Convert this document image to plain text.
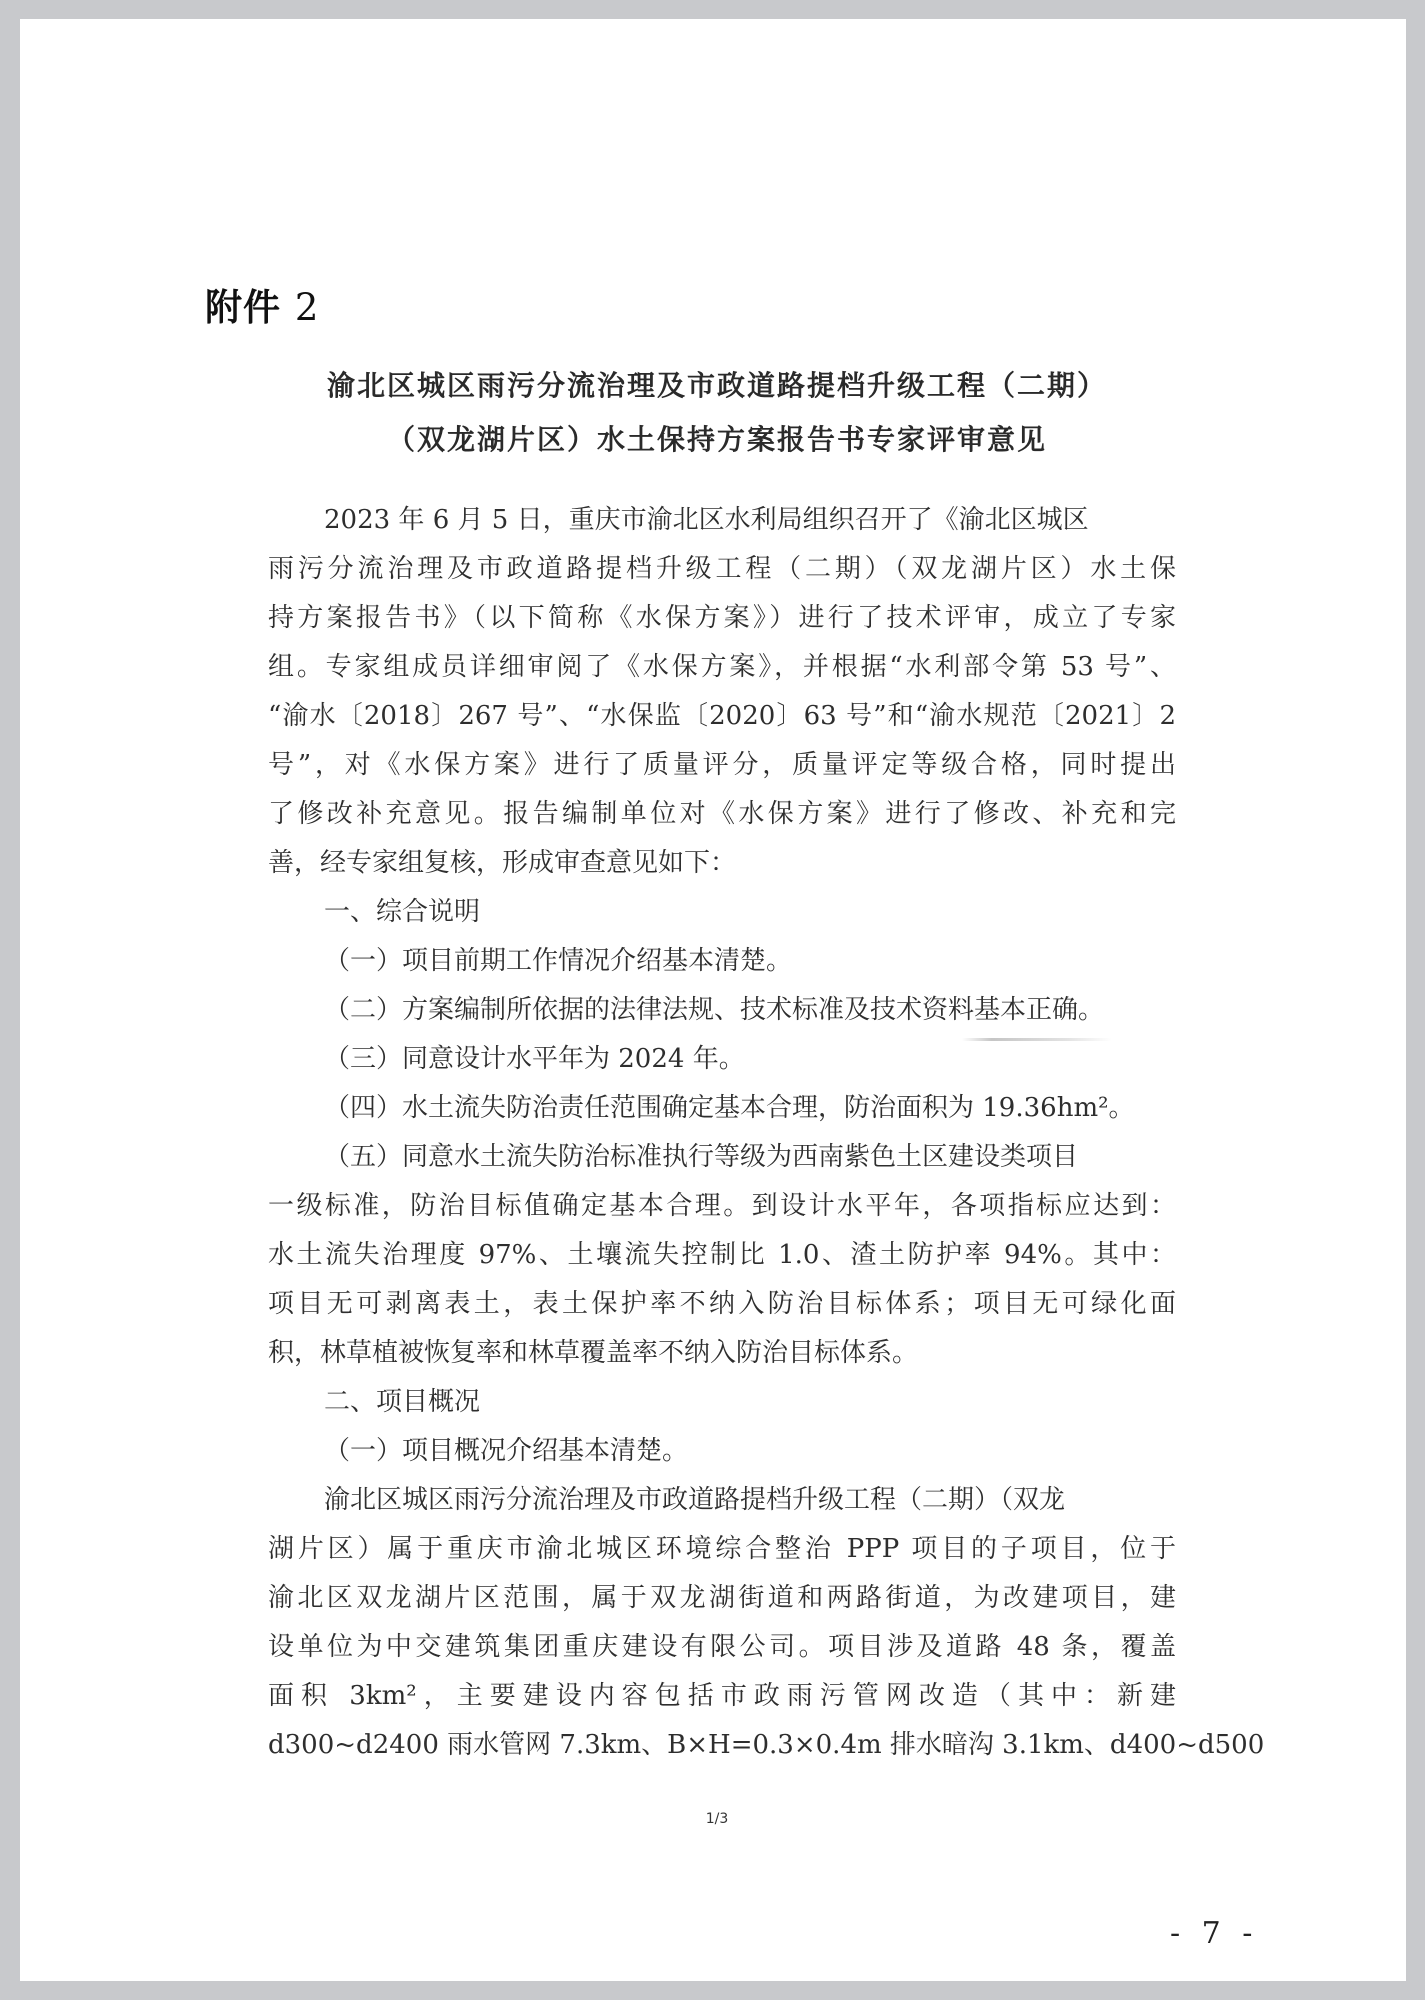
附件 2
渝北区城区雨污分流治理及市政道路提档升级工程（二期）
（双龙湖片区）水土保持方案报告书专家评审意见
2023 年 6 月 5 日，重庆市渝北区水利局组织召开了《渝北区城区
雨污分流治理及市政道路提档升级工程（二期）（双龙湖片区）水土保
持方案报告书》（以下简称《水保方案》）进行了技术评审，成立了专家
组。专家组成员详细审阅了《水保方案》，并根据“水利部令第 53 号”、
“渝水〔2018〕267 号”、“水保监〔2020〕63 号”和“渝水规范〔2021〕2
号”，对《水保方案》进行了质量评分，质量评定等级合格，同时提出
了修改补充意见。报告编制单位对《水保方案》进行了修改、补充和完
善，经专家组复核，形成审查意见如下：
一、综合说明
（一）项目前期工作情况介绍基本清楚。
（二）方案编制所依据的法律法规、技术标准及技术资料基本正确。
（三）同意设计水平年为 2024 年。
（四）水土流失防治责任范围确定基本合理，防治面积为 19.36hm²。
（五）同意水土流失防治标准执行等级为西南紫色土区建设类项目
一级标准，防治目标值确定基本合理。到设计水平年，各项指标应达到：
水土流失治理度 97%、土壤流失控制比 1.0、渣土防护率 94%。其中：
项目无可剥离表土，表土保护率不纳入防治目标体系；项目无可绿化面
积，林草植被恢复率和林草覆盖率不纳入防治目标体系。
二、项目概况
（一）项目概况介绍基本清楚。
渝北区城区雨污分流治理及市政道路提档升级工程（二期）（双龙
湖片区）属于重庆市渝北城区环境综合整治 PPP 项目的子项目，位于
渝北区双龙湖片区范围，属于双龙湖街道和两路街道，为改建项目，建
设单位为中交建筑集团重庆建设有限公司。项目涉及道路 48 条，覆盖
面积 3km²，主要建设内容包括市政雨污管网改造（其中：新建
d300~d2400 雨水管网 7.3km、B×H=0.3×0.4m 排水暗沟 3.1km、d400~d500
1/3
- 7 -
